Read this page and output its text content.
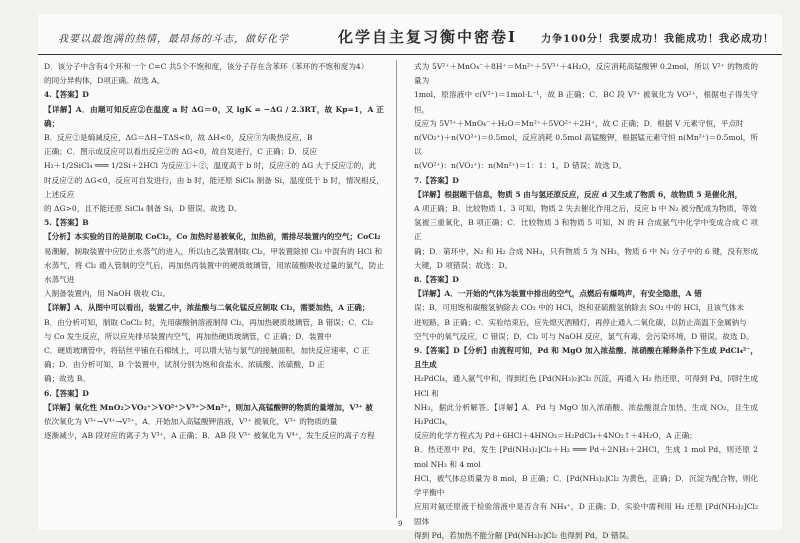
我要以最饱满的热情，最昂扬的斗志，做好化学	化学自主复习衡中密卷Ⅰ 力争100分！我要成功！我能成功！我必成功！

D．该分子中含有4个环和一个 C=C 共5个不饱和度，该分子存在含苯环（苯环的不饱和度为4）

的同分异构体，D项正确。故选 A。

4.【答案】D

【详解】A．由题可知反应②在温度 a 时 ΔG＝0，又 lgK = −ΔG / 2.3RT，故 Kp=1，A 正确；

B．反应②是熵减反应，ΔG＝ΔH−TΔS<0，故 ΔH<0，反应③为吸热反应，B

正确；C．图示或反应可以看出反应②的 ΔG<0，故自发进行，C 正确；D．反应

H₂＋1/2SiCl₄ ═══ 1/2Si＋2HCl 为反应①＋②，温度高于 b 时，反应④的 ΔG 大于反应②的，此

时反应②的 ΔG<0，反应可自发进行，由 b 时，能还原 SiCl₄ 制备 Si，温度低于 b 时，情况相反，上述反应

的 ΔG>0，且不能还原 SiCl₄ 制备 Si，D 错误。故选 D。

5.【答案】B

【分析】本实验的目的是制取 CoCl₂，Co 加热时易被氧化，加热前，需排尽装置内的空气；CoCl₂

易潮解，制取装置中应防止水蒸气的进入，所以由乙装置制取 Cl₂，甲装置除掉 Cl₂ 中混有的 HCl 和

水蒸气，将 Cl₂ 通入管制的空气后，再加热丙装置中的硬质玻璃管，用浓硫酸吸收过量的氯气，防止水蒸气进

入制备装置内，用 NaOH 吸收 Cl₂。

【详解】A．从图中可以看出，装置乙中，浓盐酸与二氧化锰反应制取 Cl₂，需要加热，A 正确；

B．由分析可知，制取 CoCl₂ 时，先用碳酸钠溶液制得 Cl₂，再加热硬质玻璃管，B 错误；C．Cl₂

与 Co 发生反应，所以应先排尽装置内空气，再加热硬质玻璃管，C 正确；D．装置中

C．硬质玻璃管中，将钴丝平铺在石棉绒上，可以增大钴与氯气的接触面积，加快反应速率，C 正

确；D．由分析可知，B 个装置中，试剂分别为饱和食盐水、浓硫酸、浓硫酸，D 正

确；故选 B。

6.【答案】D

【详解】氧化性 MnO₂＞VO₂⁺＞VO²⁺＞V³⁺＞Mn²⁺，则加入高锰酸钾的物质的量增加，V³⁺ 被

依次氧化为 V³⁺→V⁴⁺→V⁵⁺，A．开始加入高锰酸钾溶液，V³⁺ 被氧化，V³⁺ 的物质的量

逐渐减少，AB 段对应的离子为 V³⁺，A 正确；B．AB 段 V³⁺ 被氧化为 V⁴⁺，发生反应的离子方程

式为 5V²⁺＋MnO₄⁻＋8H⁺＝Mn²⁺＋5V³⁺＋4H₂O，反应消耗高锰酸钾 0.2mol，所以 V²⁺ 的物质的量为

1mol，原溶液中 c(V²⁺)＝1mol·L⁻¹，故 B 正确；C．BC 段 V³⁺ 被氧化为 VO²⁺，根据电子得失守恒，

反应为 5V³⁺＋MnO₄⁻＋H₂O＝Mn²⁺＋5VO²⁺＋2H⁺，故 C 正确；D．根据 V 元素守恒，平点时

n(VO₂⁺)＋n(VO²⁺)＝0.5mol，反应消耗 0.5mol 高锰酸钾，根据锰元素守恒 n(Mn²⁺)＝0.5mol，所以

n(VO²⁺)：n(VO₂⁺)：n(Mn²⁺)＝1：1：1，D 错误；故选 D。

7.【答案】D

【详解】根据题干信息，物质 5 由与氢还原反应，反应 d 又生成了物质 6，故物质 5 是催化剂，

A 项正确；B．比较物质 1、3 可知，物质 2 失去催化作用之后，反应 b 中 N₂ 被分配成为物质，等效

氢被三重氧化，B 项正确；C．比较物质 3 和物质 5 可知，N 的 H 合成氨气中化学中变成合成 C 项正

确；D．第环中，N₂ 和 H₂ 合成 NH₃，只有物质 5 为 NH₃，物质 6 中 N₂ 分子中的 6 键，没有形成大键，D 项错误；故选：D。

8.【答案】D

【详解】A．一开始的气体为装置中排出的空气，点燃后有爆鸣声，有安全隐患，A 错

误；B．可用饱和碳酸氢钠除去 CO₂ 中的 HCl，饱和亚硫酸氢钠除去 SO₂ 中的 HCl，且该气体未

进短路，B 正确；C．实验结束后，应先熄灭酒精灯，再停止通入二氧化碳，以防止高温下金属钠与

空气中的氧气反应，C 错误；D．Cl₂ 可与 NaOH 反应，氯气有毒，会污染环境，D 错误。故选 D。

9.【答案】D【分析】由流程可知，Pd 和 MgO 加入浓盐酸、浓硝酸在稀释条件下生成 PdCl₄²⁻，且生成

H₂PdCl₄，通入氨气中和，得到红色 [Pd(NH₃)₂]Cl₂ 沉淀，再通入 H₂ 热还原，可得到 Pd，同时生成 HCl 和

NH₃，据此分析解答。【详解】A．Pd 与 MgO 加入浓硝酸、浓盐酸混合加热，生成 NO₂，且生成 H₂PdCl₄，

反应的化学方程式为 Pd＋6HCl＋4HNO₃＝H₂PdCl₄＋4NO₂↑＋4H₂O，A 正确；

B．热还原中 Pd，发生 [Pd(NH₃)₂]Cl₂＋H₂ ═══ Pd＋2NH₃＋2HCl，生成 1 mol Pd，则还原 2 mol NH₃ 和 4 mol

HCl，被气体总质量为 8 mol，B 正确；C．[Pd(NH₃)₂]Cl₂ 为黄色，正确；D．沉淀为配合物，则化学平衡中

应用对氨还原液于检验溶液中是否含有 NH₄⁺，D 正确；D．实验中需利用 H₂ 还原 [Pd(NH₃)₂]Cl₂ 固体

得到 Pd，若加热不能分解 [Pd(NH₃)₂]Cl₂ 也得到 Pd，D 错误。

9
